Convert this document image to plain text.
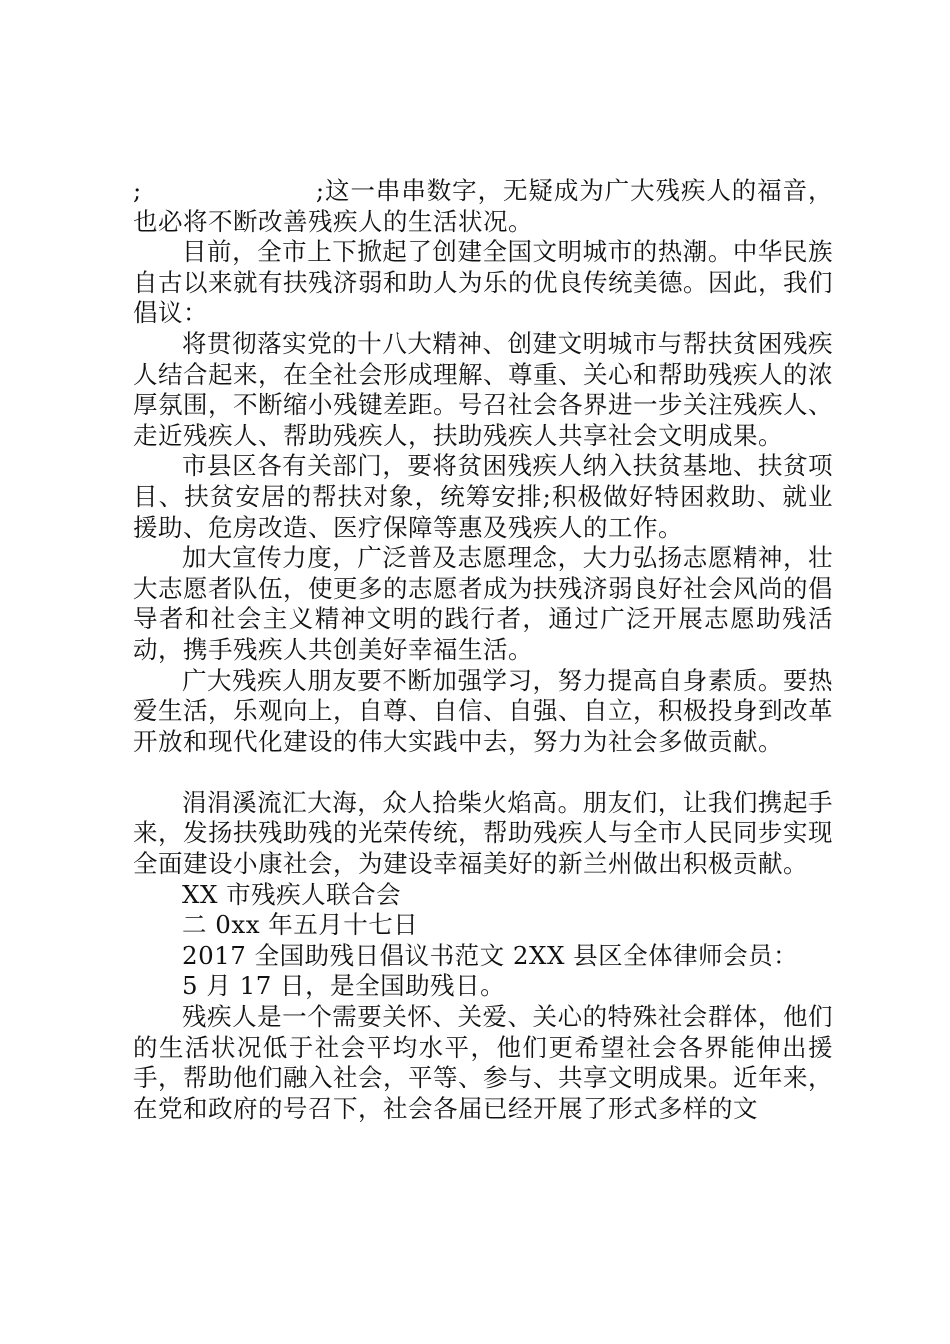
;                    ;这一串串数字，无疑成为广大残疾人的福音，也必将不断改善残疾人的生活状况。

目前，全市上下掀起了创建全国文明城市的热潮。中华民族自古以来就有扶残济弱和助人为乐的优良传统美德。因此，我们倡议：

将贯彻落实党的十八大精神、创建文明城市与帮扶贫困残疾人结合起来，在全社会形成理解、尊重、关心和帮助残疾人的浓厚氛围，不断缩小残键差距。号召社会各界进一步关注残疾人、走近残疾人、帮助残疾人，扶助残疾人共享社会文明成果。

市县区各有关部门，要将贫困残疾人纳入扶贫基地、扶贫项目、扶贫安居的帮扶对象，统筹安排;积极做好特困救助、就业援助、危房改造、医疗保障等惠及残疾人的工作。

加大宣传力度，广泛普及志愿理念，大力弘扬志愿精神，壮大志愿者队伍，使更多的志愿者成为扶残济弱良好社会风尚的倡导者和社会主义精神文明的践行者，通过广泛开展志愿助残活动，携手残疾人共创美好幸福生活。

广大残疾人朋友要不断加强学习，努力提高自身素质。要热爱生活，乐观向上，自尊、自信、自强、自立，积极投身到改革开放和现代化建设的伟大实践中去，努力为社会多做贡献。

涓涓溪流汇大海，众人拾柴火焰高。朋友们，让我们携起手来，发扬扶残助残的光荣传统，帮助残疾人与全市人民同步实现全面建设小康社会，为建设幸福美好的新兰州做出积极贡献。

XX 市残疾人联合会

二 0xx 年五月十七日

2017 全国助残日倡议书范文 2XX 县区全体律师会员：

5 月 17 日，是全国助残日。

残疾人是一个需要关怀、关爱、关心的特殊社会群体，他们的生活状况低于社会平均水平，他们更希望社会各界能伸出援手，帮助他们融入社会，平等、参与、共享文明成果。近年来，在党和政府的号召下，社会各届已经开展了形式多样的文
